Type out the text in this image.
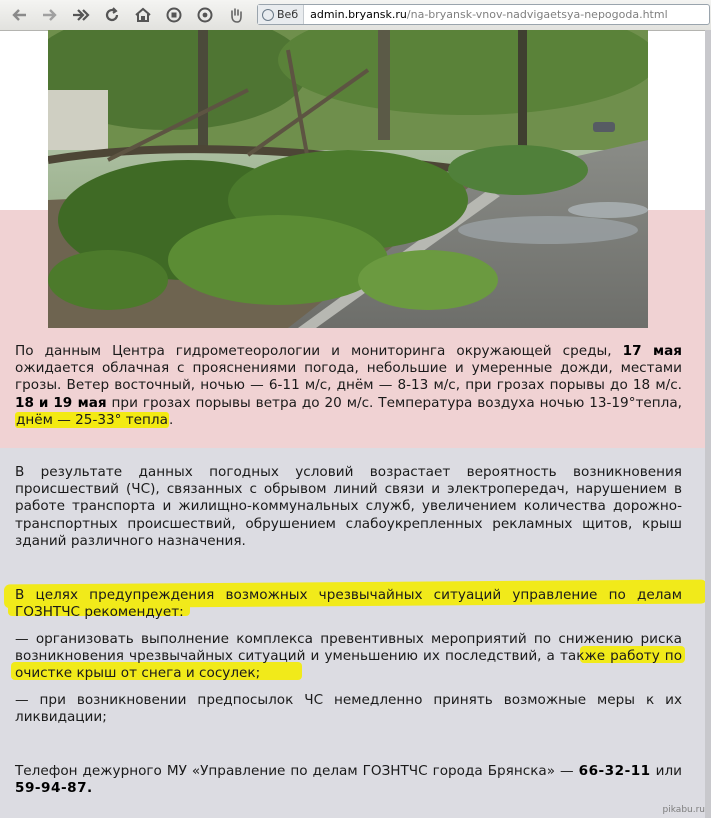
Веб	admin.bryansk.ru/na-bryansk-vnov-nadvigaetsya-nepogoda.html

По данным Центра гидрометеорологии и мониторинга окружающей среды, 17 мая ожидается облачная с прояснениями погода, небольшие и умеренные дожди, местами грозы. Ветер восточный, ночью — 6-11 м/с, днём — 8-13 м/с, при грозах порывы до 18 м/с. 18 и 19 мая при грозах порывы ветра до 20 м/с. Температура воздуха ночью 13-19°тепла, днём — 25-33° тепла.

В результате данных погодных условий возрастает вероятность возникновения происшествий (ЧС), связанных с обрывом линий связи и электропередач, нарушением в работе транспорта и жилищно-коммунальных служб, увеличением количества дорожно-транспортных происшествий, обрушением слабоукрепленных рекламных щитов, крыш зданий различного назначения.

В целях предупреждения возможных чрезвычайных ситуаций управление по делам ГОЗНТЧС рекомендует:

— организовать выполнение комплекса превентивных мероприятий по снижению риска возникновения чрезвычайных ситуаций и уменьшению их последствий, а также работу по очистке крыш от снега и сосулек;

— при возникновении предпосылок ЧС немедленно принять возможные меры к их ликвидации;

Телефон дежурного МУ «Управление по делам ГОЗНТЧС города Брянска» — 66-32-11 или 59-94-87.

pikabu.ru
